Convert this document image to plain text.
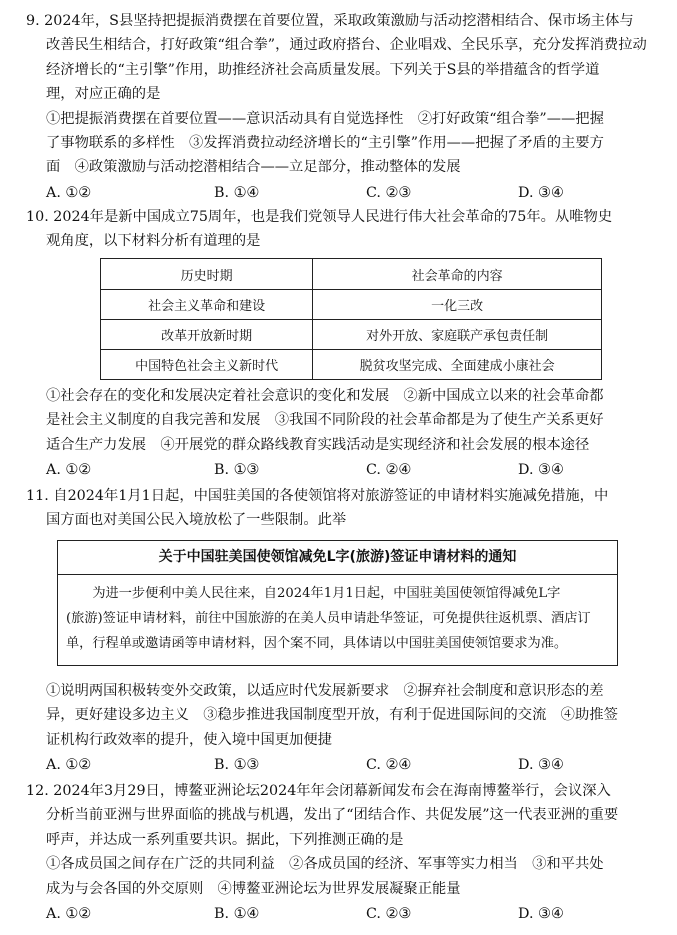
9. 2024年，S县坚持把提振消费摆在首要位置，采取政策激励与活动挖潜相结合、保市场主体与
改善民生相结合，打好政策“组合拳”，通过政府搭台、企业唱戏、全民乐享，充分发挥消费拉动
经济增长的“主引擎”作用，助推经济社会高质量发展。下列关于S县的举措蕴含的哲学道
理，对应正确的是
①把提振消费摆在首要位置——意识活动具有自觉选择性　②打好政策“组合拳”——把握
了事物联系的多样性　③发挥消费拉动经济增长的“主引擎”作用——把握了矛盾的主要方
面　④政策激励与活动挖潜相结合——立足部分，推动整体的发展
A. ①②	B. ①④	C. ②③	D. ③④
10. 2024年是新中国成立75周年，也是我们党领导人民进行伟大社会革命的75年。从唯物史
观角度，以下材料分析有道理的是
历史时期	社会革命的内容
社会主义革命和建设	一化三改
改革开放新时期	对外开放、家庭联产承包责任制
中国特色社会主义新时代	脱贫攻坚完成、全面建成小康社会
①社会存在的变化和发展决定着社会意识的变化和发展　②新中国成立以来的社会革命都
是社会主义制度的自我完善和发展　③我国不同阶段的社会革命都是为了使生产关系更好
适合生产力发展　④开展党的群众路线教育实践活动是实现经济和社会发展的根本途径
A. ①②	B. ①③	C. ②④	D. ③④
11. 自2024年1月1日起，中国驻美国的各使领馆将对旅游签证的申请材料实施减免措施，中
国方面也对美国公民入境放松了一些限制。此举
关于中国驻美国使领馆减免L字(旅游)签证申请材料的通知
　　为进一步便利中美人民往来，自2024年1月1日起，中国驻美国使领馆得减免L字
(旅游)签证申请材料，前往中国旅游的在美人员申请赴华签证，可免提供往返机票、酒店订
单，行程单或邀请函等申请材料，因个案不同，具体请以中国驻美国使领馆要求为准。
①说明两国积极转变外交政策，以适应时代发展新要求　②摒弃社会制度和意识形态的差
异，更好建设多边主义　③稳步推进我国制度型开放，有利于促进国际间的交流　④助推签
证机构行政效率的提升，使入境中国更加便捷
A. ①②	B. ①③	C. ②④	D. ③④
12. 2024年3月29日，博鳌亚洲论坛2024年年会闭幕新闻发布会在海南博鳌举行，会议深入
分析当前亚洲与世界面临的挑战与机遇，发出了“团结合作、共促发展”这一代表亚洲的重要
呼声，并达成一系列重要共识。据此，下列推测正确的是
①各成员国之间存在广泛的共同利益　②各成员国的经济、军事等实力相当　③和平共处
成为与会各国的外交原则　④博鳌亚洲论坛为世界发展凝聚正能量
A. ①②	B. ①④	C. ②③	D. ③④
